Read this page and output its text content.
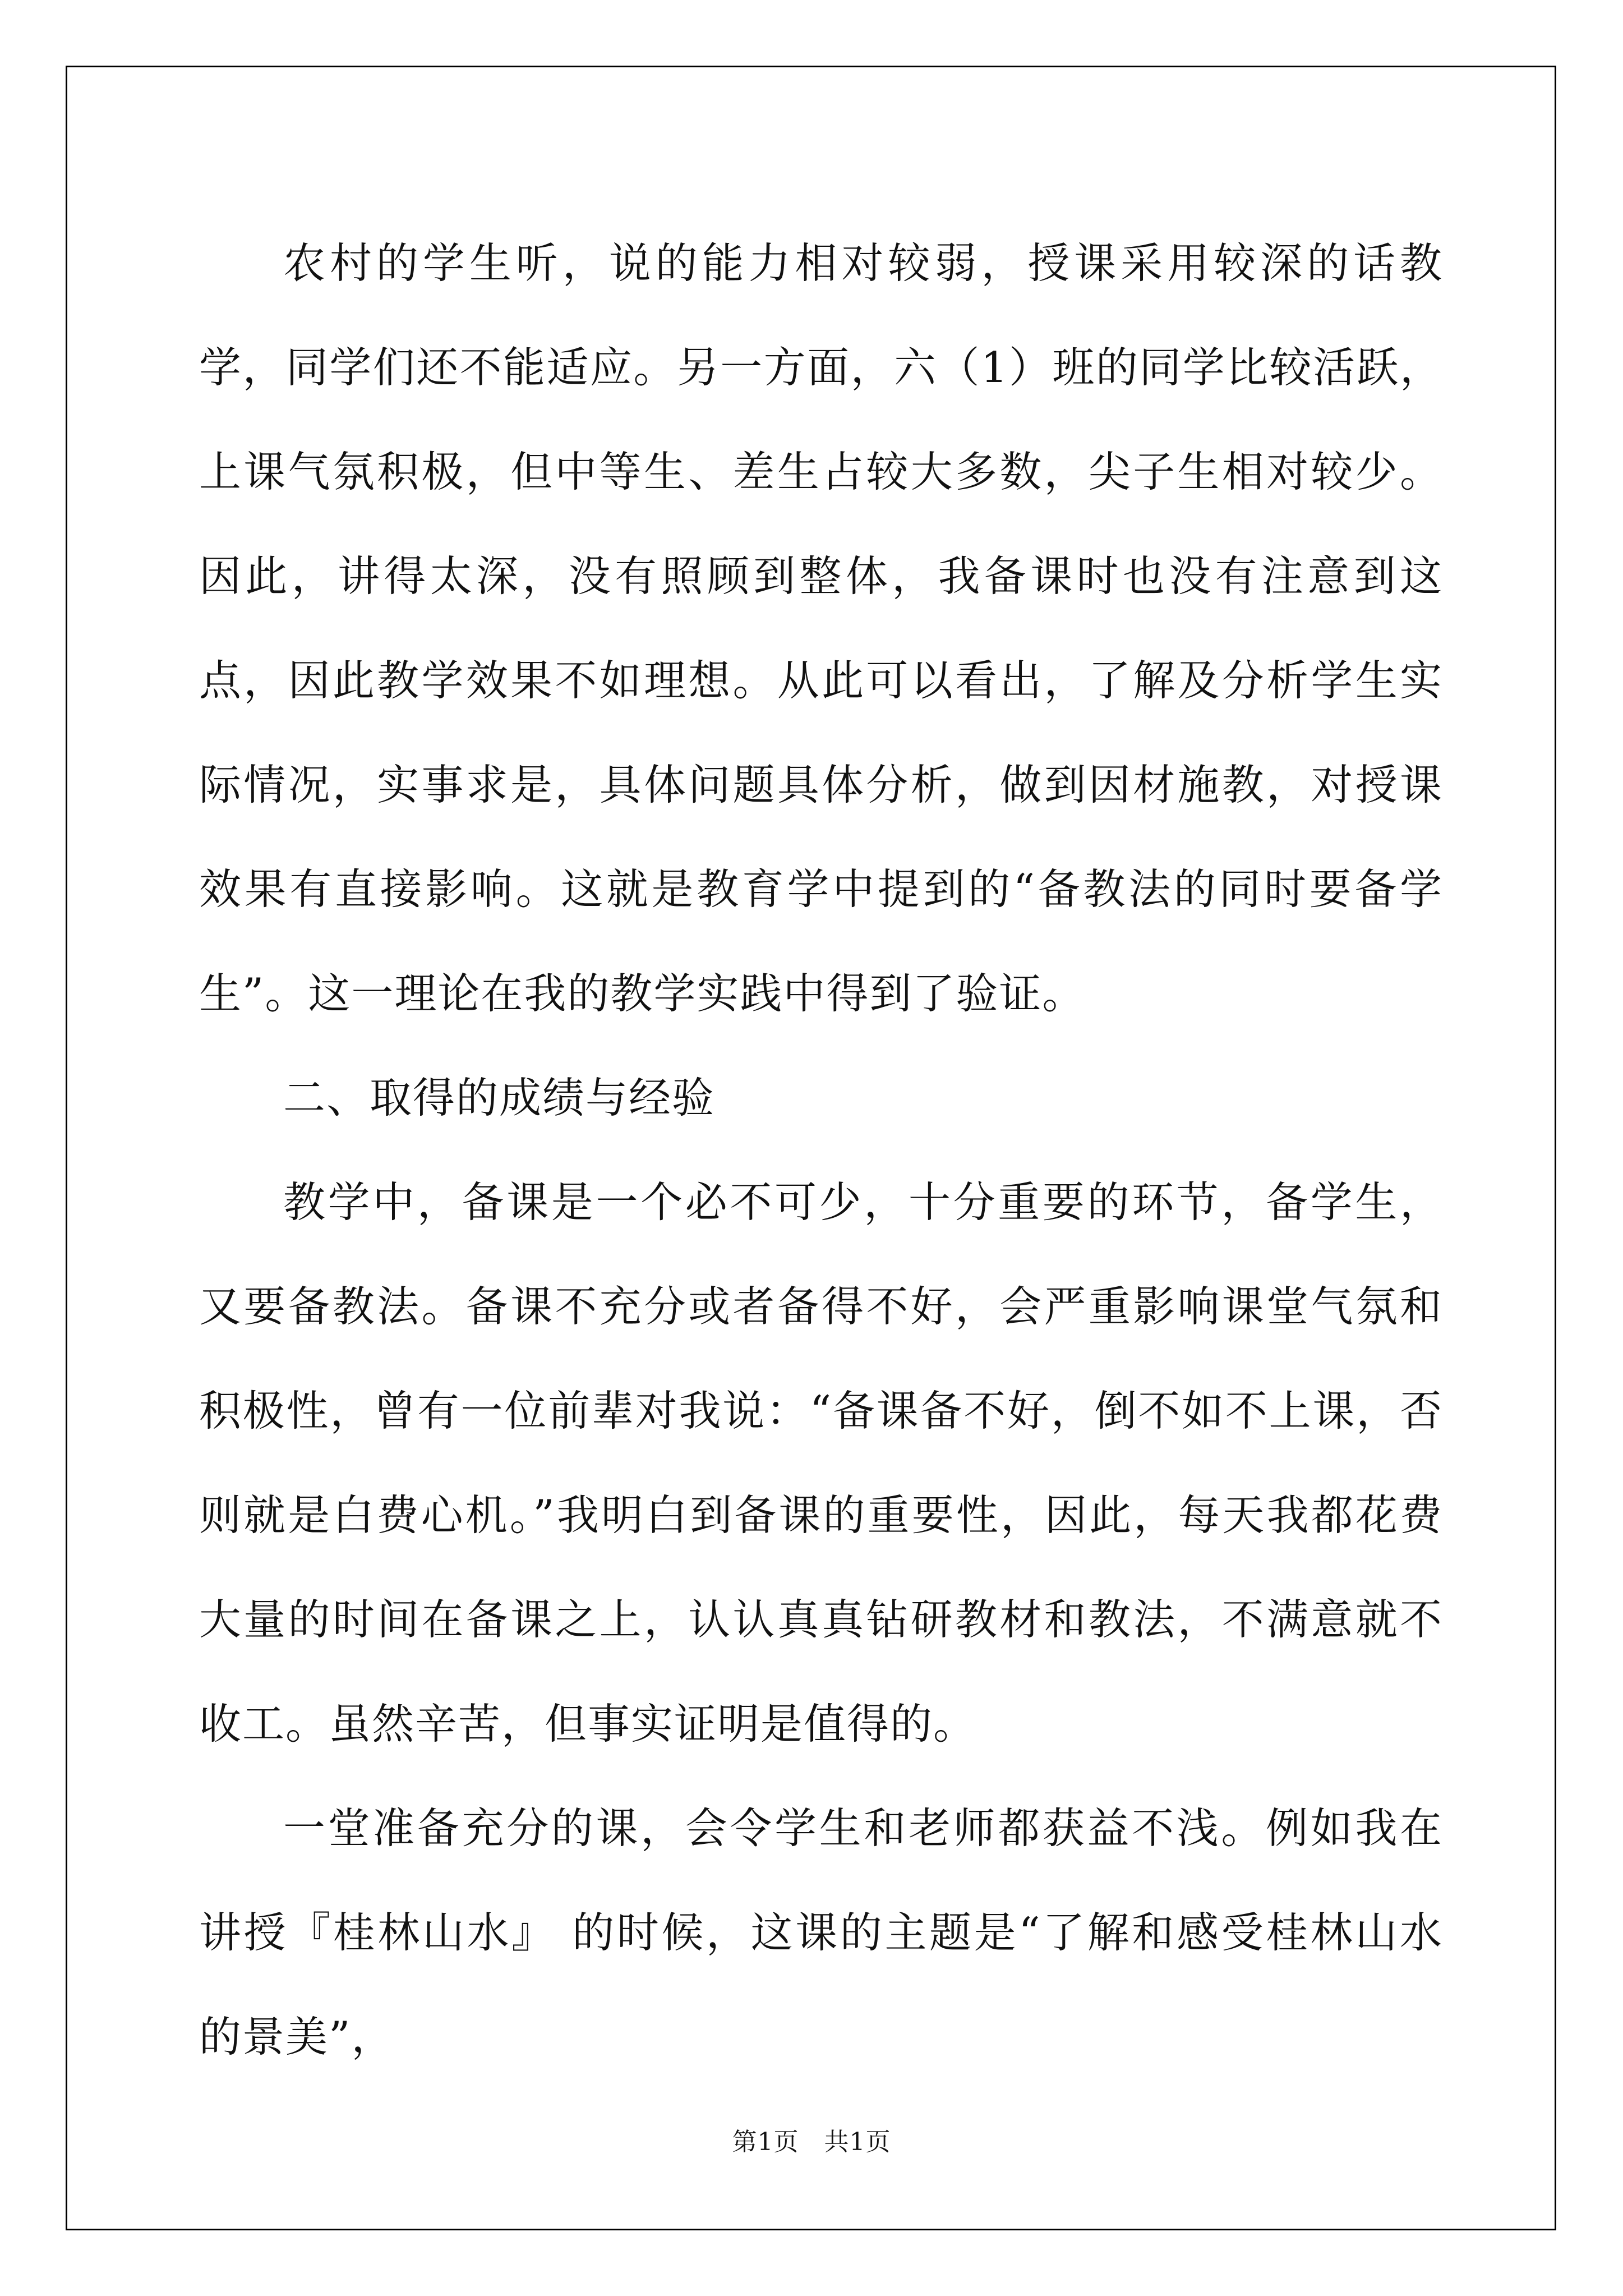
农村的学生听，说的能力相对较弱，授课采用较深的话教学，同学们还不能适应。另一方面，六（1）班的同学比较活跃，上课气氛积极，但中等生、差生占较大多数，尖子生相对较少。因此，讲得太深，没有照顾到整体，我备课时也没有注意到这点，因此教学效果不如理想。从此可以看出，了解及分析学生实际情况，实事求是，具体问题具体分析，做到因材施教，对授课效果有直接影响。这就是教育学中提到的“备教法的同时要备学生”。这一理论在我的教学实践中得到了验证。

二、取得的成绩与经验

教学中，备课是一个必不可少，十分重要的环节，备学生，又要备教法。备课不充分或者备得不好，会严重影响课堂气氛和积极性，曾有一位前辈对我说：“备课备不好，倒不如不上课，否则就是白费心机。”我明白到备课的重要性，因此，每天我都花费大量的时间在备课之上，认认真真钻研教材和教法，不满意就不收工。虽然辛苦，但事实证明是值得的。

一堂准备充分的课，会令学生和老师都获益不浅。例如我在讲授『桂林山水』 的时候，这课的主题是“了解和感受桂林山水的景美”，

第1页　共1页
